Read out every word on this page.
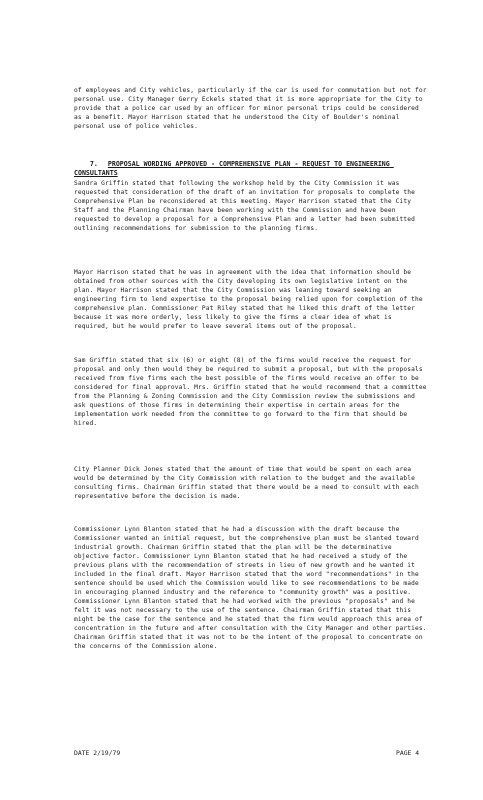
of employees and City vehicles, particularly if the car is used for commutation but not for personal use. City Manager Gerry Eckels stated that it is more appropriate for the City to provide that a police car used by an officer for minor personal trips could be considered as a benefit. Mayor Harrison stated that he understood the City of Boulder's nominal personal use of police vehicles.

7. PROPOSAL WORDING APPROVED - COMPREHENSIVE PLAN - REQUEST TO ENGINEERING CONSULTANTS

Sandra Griffin stated that following the workshop held by the City Commission it was requested that consideration of the draft of an invitation for proposals to complete the Comprehensive Plan be reconsidered at this meeting. Mayor Harrison stated that the City Staff and the Planning Chairman have been working with the Commission and have been requested to develop a proposal for a Comprehensive Plan and a letter had been submitted outlining recommendations for submission to the planning firms.
Mayor Harrison stated that he was in agreement with the idea that information should be obtained from other sources with the City developing its own legislative intent on the plan. Mayor Harrison stated that the City Commission was leaning toward seeking an engineering firm to lend expertise to the proposal being relied upon for completion of the comprehensive plan. Commissioner Pat Riley stated that he liked this draft of the letter because it was more orderly, less likely to give the firms a clear idea of what is required, but he would prefer to leave several items out of the proposal.
Sam Griffin stated that six (6) or eight (8) of the firms would receive the request for proposal and only then would they be required to submit a proposal, but with the proposals received from five firms each the best possible of the firms would receive an offer to be considered for final approval. Mrs. Griffin stated that he would recommend that a committee from the Planning & Zoning Commission and the City Commission review the submissions and ask questions of those firms in determining their expertise in certain areas for the implementation work needed from the committee to go forward to the firm that should be hired.
City Planner Dick Jones stated that the amount of time that would be spent on each area would be determined by the City Commission with relation to the budget and the available consulting firms. Chairman Griffin stated that there would be a need to consult with each representative before the decision is made.
Commissioner Lynn Blanton stated that he had a discussion with the draft because the Commissioner wanted an initial request, but the comprehensive plan must be slanted toward industrial growth. Chairman Griffin stated that the plan will be the determinative objective factor. Commissioner Lynn Blanton stated that he had received a study of the previous plans with the recommendation of streets in lieu of new growth and he wanted it included in the final draft. Mayor Harrison stated that the word "recommendations" in the sentence should be used which the Commission would like to see recommendations to be made in encouraging planned industry and the reference to "community growth" was a positive. Commissioner Lynn Blanton stated that he had worked with the previous "proposals" and he felt it was not necessary to the use of the sentence. Chairman Griffin stated that this might be the case for the sentence and he stated that the firm would approach this area of concentration in the future and after consultation with the City Manager and other parties. Chairman Griffin stated that it was not to be the intent of the proposal to concentrate on the concerns of the Commission alone.
DATE 2/19/79	PAGE 4
